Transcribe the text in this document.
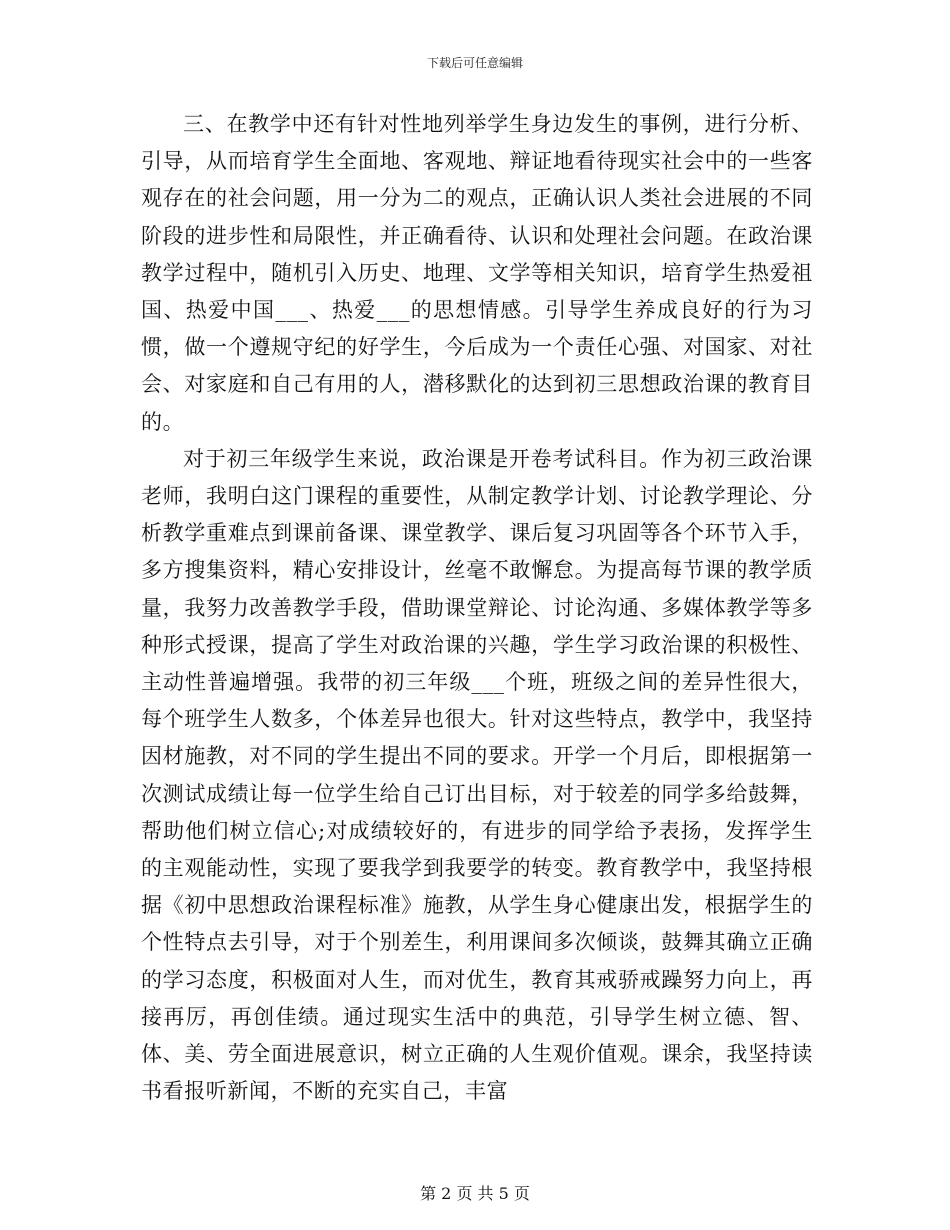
下载后可任意编辑

三、在教学中还有针对性地列举学生身边发生的事例，进行分析、引导，从而培育学生全面地、客观地、辩证地看待现实社会中的一些客观存在的社会问题，用一分为二的观点，正确认识人类社会进展的不同阶段的进步性和局限性，并正确看待、认识和处理社会问题。在政治课教学过程中，随机引入历史、地理、文学等相关知识，培育学生热爱祖国、热爱中国___、热爱___的思想情感。引导学生养成良好的行为习惯，做一个遵规守纪的好学生，今后成为一个责任心强、对国家、对社会、对家庭和自己有用的人，潜移默化的达到初三思想政治课的教育目的。

对于初三年级学生来说，政治课是开卷考试科目。作为初三政治课老师，我明白这门课程的重要性，从制定教学计划、讨论教学理论、分析教学重难点到课前备课、课堂教学、课后复习巩固等各个环节入手，多方搜集资料，精心安排设计，丝毫不敢懈怠。为提高每节课的教学质量，我努力改善教学手段，借助课堂辩论、讨论沟通、多媒体教学等多种形式授课，提高了学生对政治课的兴趣，学生学习政治课的积极性、主动性普遍增强。我带的初三年级___个班，班级之间的差异性很大，每个班学生人数多，个体差异也很大。针对这些特点，教学中，我坚持因材施教，对不同的学生提出不同的要求。开学一个月后，即根据第一次测试成绩让每一位学生给自己订出目标，对于较差的同学多给鼓舞，帮助他们树立信心;对成绩较好的，有进步的同学给予表扬，发挥学生的主观能动性，实现了要我学到我要学的转变。教育教学中，我坚持根据《初中思想政治课程标准》施教，从学生身心健康出发，根据学生的个性特点去引导，对于个别差生，利用课间多次倾谈，鼓舞其确立正确的学习态度，积极面对人生，而对优生，教育其戒骄戒躁努力向上，再接再厉，再创佳绩。通过现实生活中的典范，引导学生树立德、智、体、美、劳全面进展意识，树立正确的人生观价值观。课余，我坚持读书看报听新闻，不断的充实自己，丰富

第 2 页 共 5 页
